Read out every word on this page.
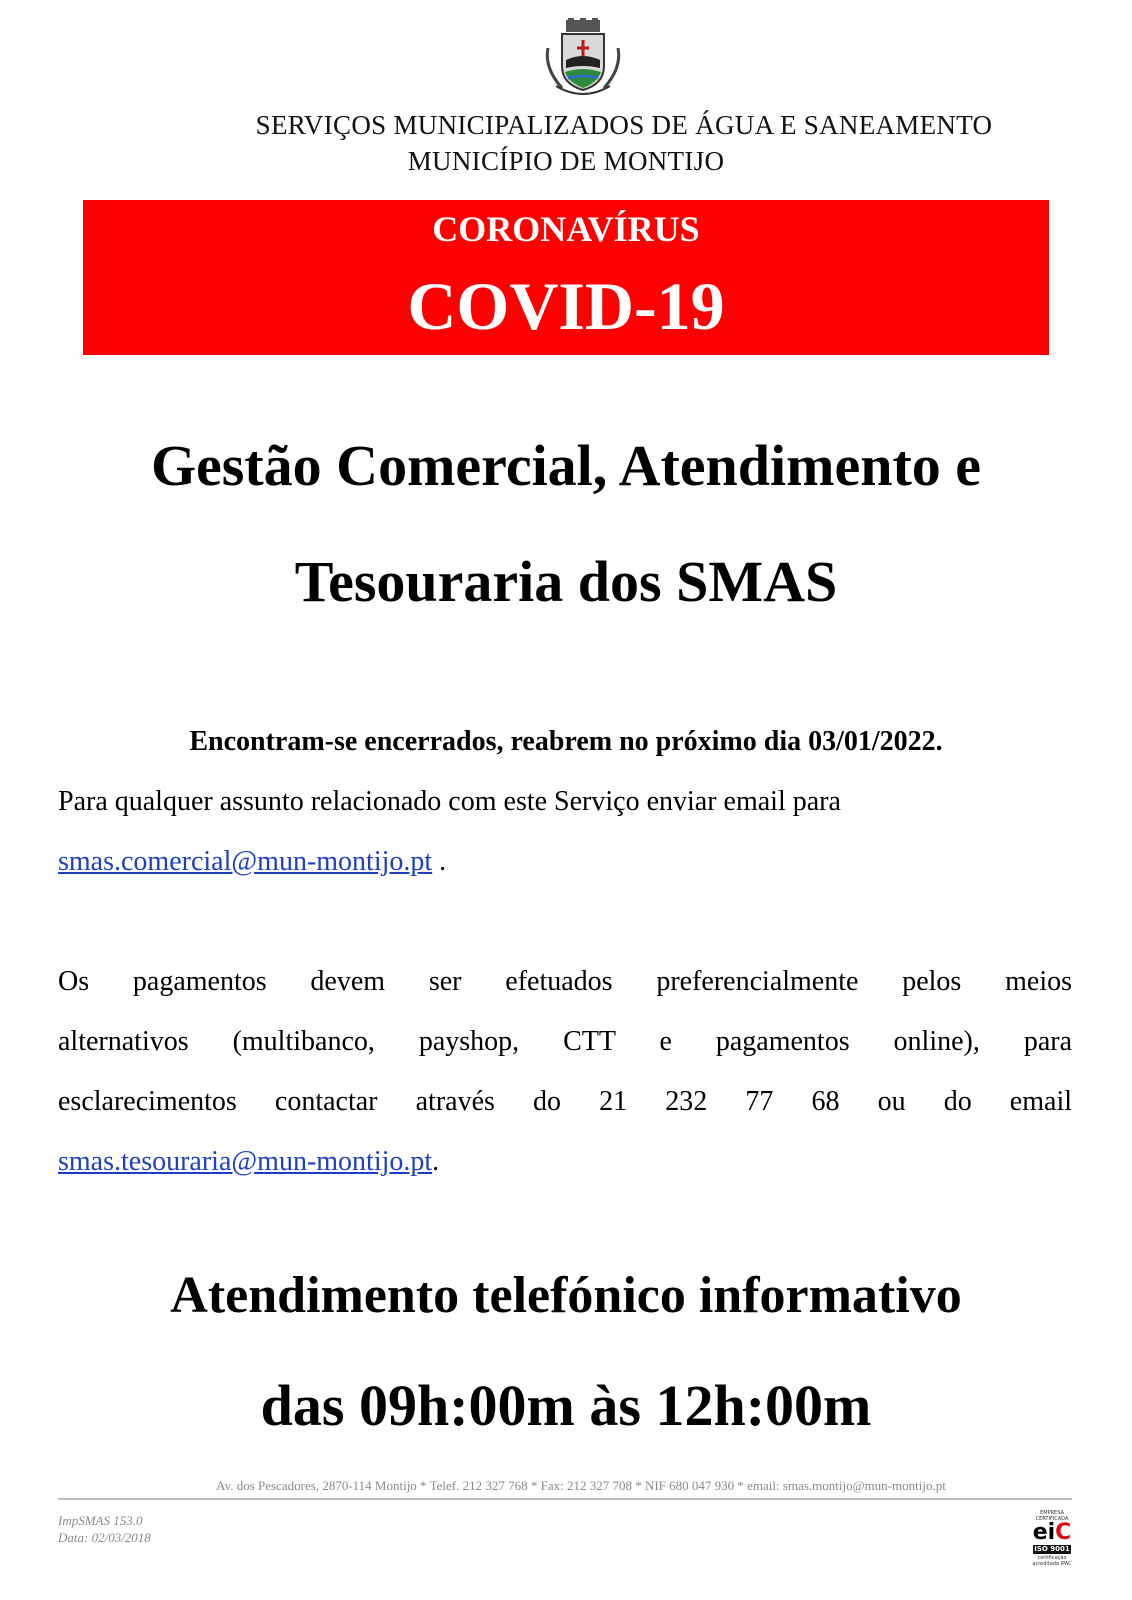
SERVIÇOS MUNICIPALIZADOS DE ÁGUA E SANEAMENTO
MUNICÍPIO DE MONTIJO
CORONAVÍRUS
COVID-19
Gestão Comercial, Atendimento e
Tesouraria dos SMAS
Encontram-se encerrados, reabrem no próximo dia 03/01/2022.
Para qualquer assunto relacionado com este Serviço enviar email para
smas.comercial@mun-montijo.pt .
Os pagamentos devem ser efetuados preferencialmente pelos meios
alternativos (multibanco, payshop, CTT e pagamentos online), para
esclarecimentos contactar através do 21 232 77 68 ou do email
smas.tesouraria@mun-montijo.pt.
Atendimento telefónico informativo
das 09h:00m às 12h:00m
Av. dos Pescadores, 2870-114 Montijo * Telef. 212 327 768 * Fax: 212 327 708 * NIF 680 047 930 * email: smas.montijo@mun-montijo.pt
ImpSMAS 153.0
Data: 02/03/2018
EMPRESA CERTIFICADA
eiC
ISO 9001
certificação acreditada IPAC
